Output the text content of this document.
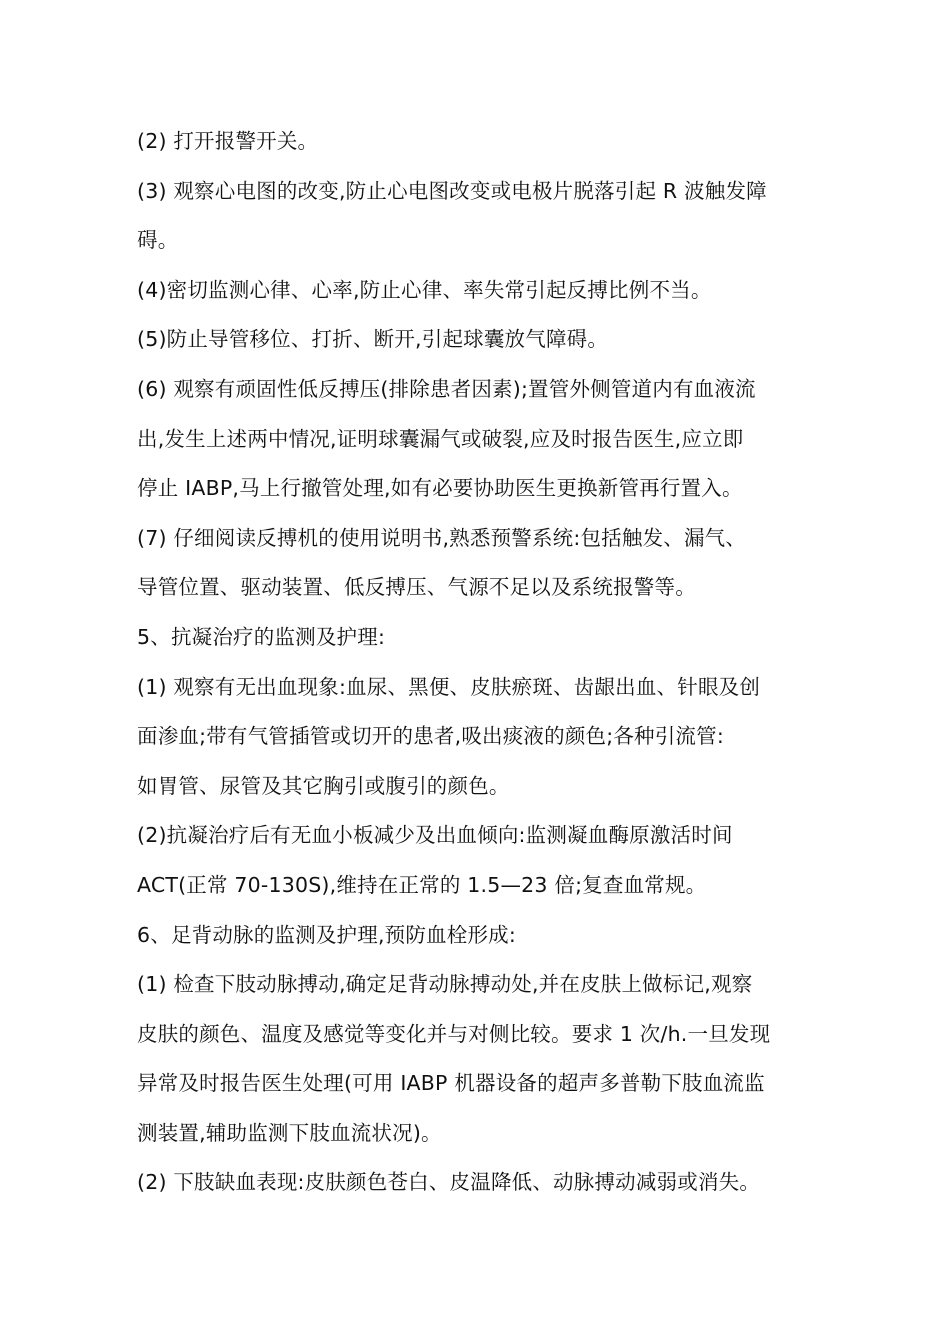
(2) 打开报警开关。
(3) 观察心电图的改变,防止心电图改变或电极片脱落引起 R 波触发障
碍。
(4)密切监测心律、心率,防止心律、率失常引起反搏比例不当。
(5)防止导管移位、打折、断开,引起球囊放气障碍。
(6) 观察有顽固性低反搏压(排除患者因素);置管外侧管道内有血液流
出,发生上述两中情况,证明球囊漏气或破裂,应及时报告医生,应立即
停止 IABP,马上行撤管处理,如有必要协助医生更换新管再行置入。
(7) 仔细阅读反搏机的使用说明书,熟悉预警系统:包括触发、漏气、
导管位置、驱动装置、低反搏压、气源不足以及系统报警等。
5、抗凝治疗的监测及护理:
(1) 观察有无出血现象:血尿、黑便、皮肤瘀斑、齿龈出血、针眼及创
面渗血;带有气管插管或切开的患者,吸出痰液的颜色;各种引流管:
如胃管、尿管及其它胸引或腹引的颜色。
(2)抗凝治疗后有无血小板减少及出血倾向:监测凝血酶原激活时间
ACT(正常 70-130S),维持在正常的 1.5—23 倍;复查血常规。
6、足背动脉的监测及护理,预防血栓形成:
(1) 检查下肢动脉搏动,确定足背动脉搏动处,并在皮肤上做标记,观察
皮肤的颜色、温度及感觉等变化并与对侧比较。要求 1 次/h.一旦发现
异常及时报告医生处理(可用 IABP 机器设备的超声多普勒下肢血流监
测装置,辅助监测下肢血流状况)。
(2) 下肢缺血表现:皮肤颜色苍白、皮温降低、动脉搏动减弱或消失。
